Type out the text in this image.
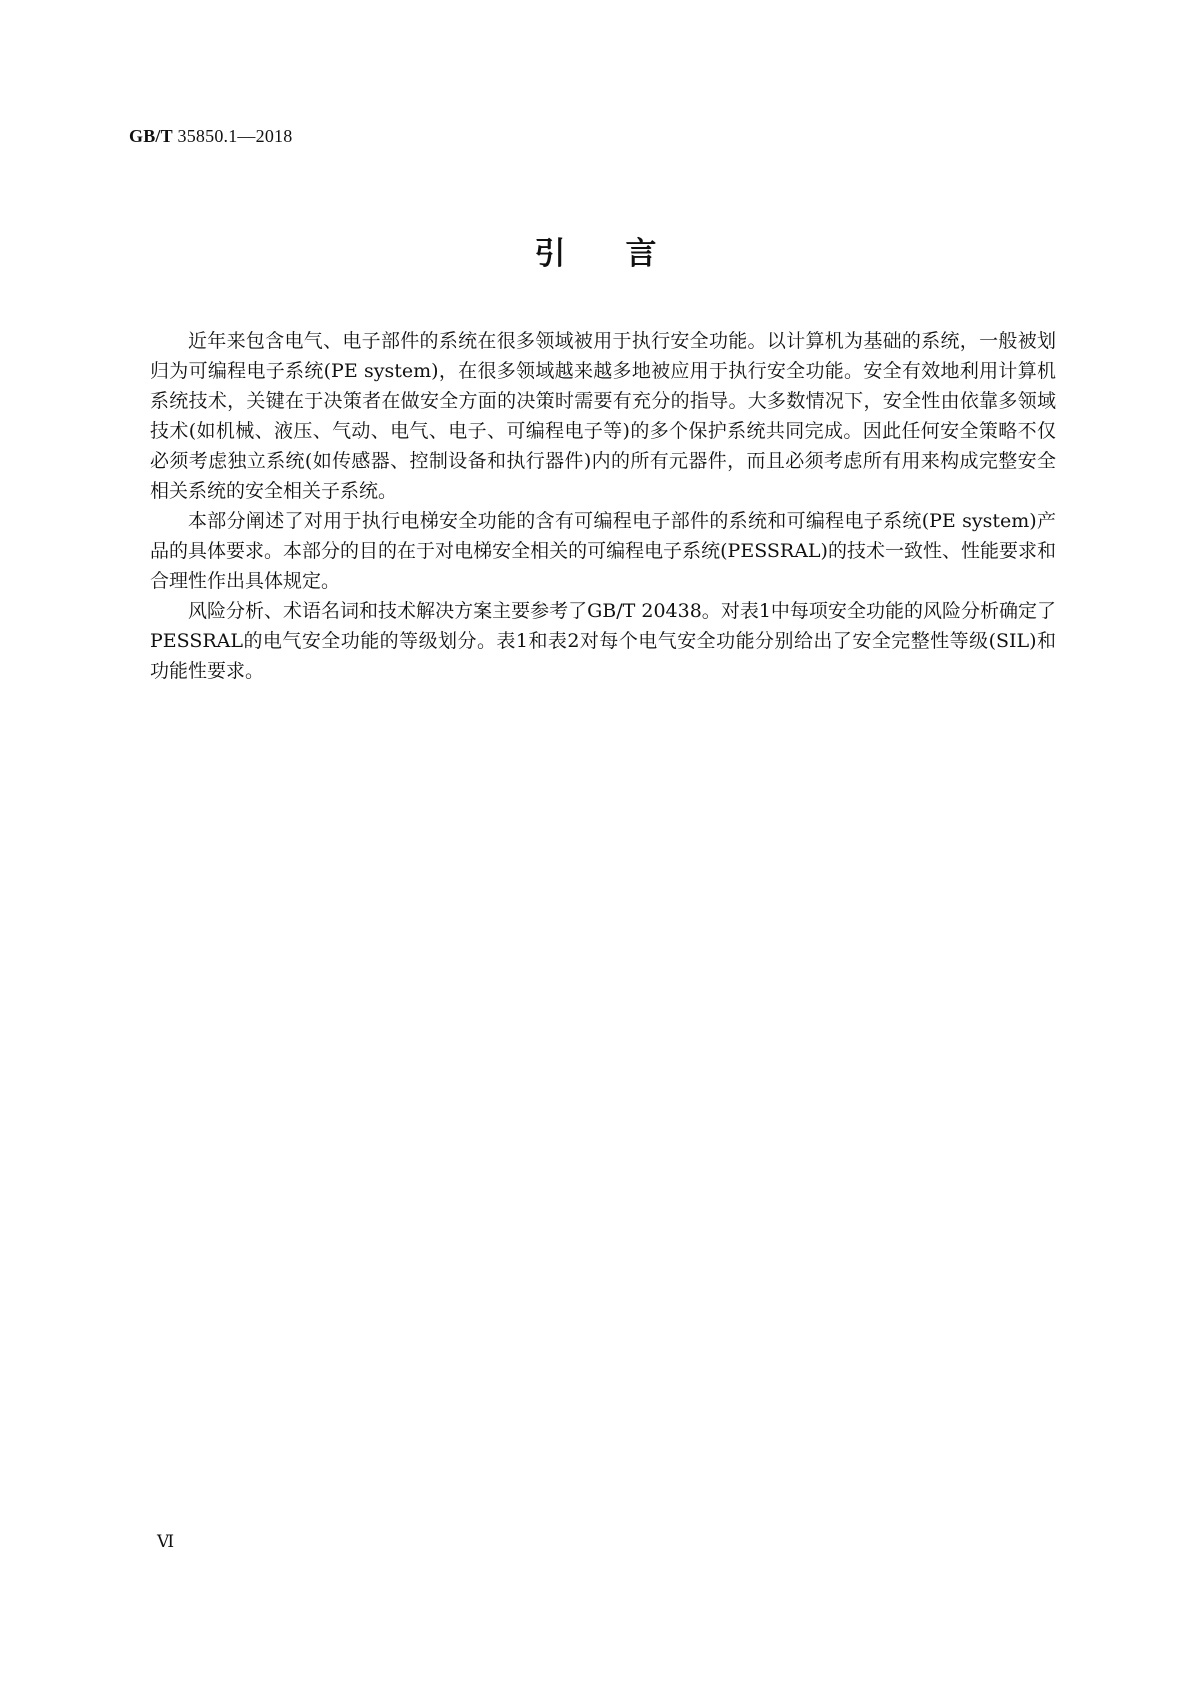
GB/T 35850.1—2018
引言

近年来包含电气、电子部件的系统在很多领域被用于执行安全功能。以计算机为基础的系统，一般被划归为可编程电子系统(PE system)，在很多领域越来越多地被应用于执行安全功能。安全有效地利用计算机系统技术，关键在于决策者在做安全方面的决策时需要有充分的指导。大多数情况下，安全性由依靠多领域技术(如机械、液压、气动、电气、电子、可编程电子等)的多个保护系统共同完成。因此任何安全策略不仅必须考虑独立系统(如传感器、控制设备和执行器件)内的所有元器件，而且必须考虑所有用来构成完整安全相关系统的安全相关子系统。

本部分阐述了对用于执行电梯安全功能的含有可编程电子部件的系统和可编程电子系统(PE system)产品的具体要求。本部分的目的在于对电梯安全相关的可编程电子系统(PESSRAL)的技术一致性、性能要求和合理性作出具体规定。

风险分析、术语名词和技术解决方案主要参考了GB/T 20438。对表1中每项安全功能的风险分析确定了PESSRAL的电气安全功能的等级划分。表1和表2对每个电气安全功能分别给出了安全完整性等级(SIL)和功能性要求。

Ⅵ
